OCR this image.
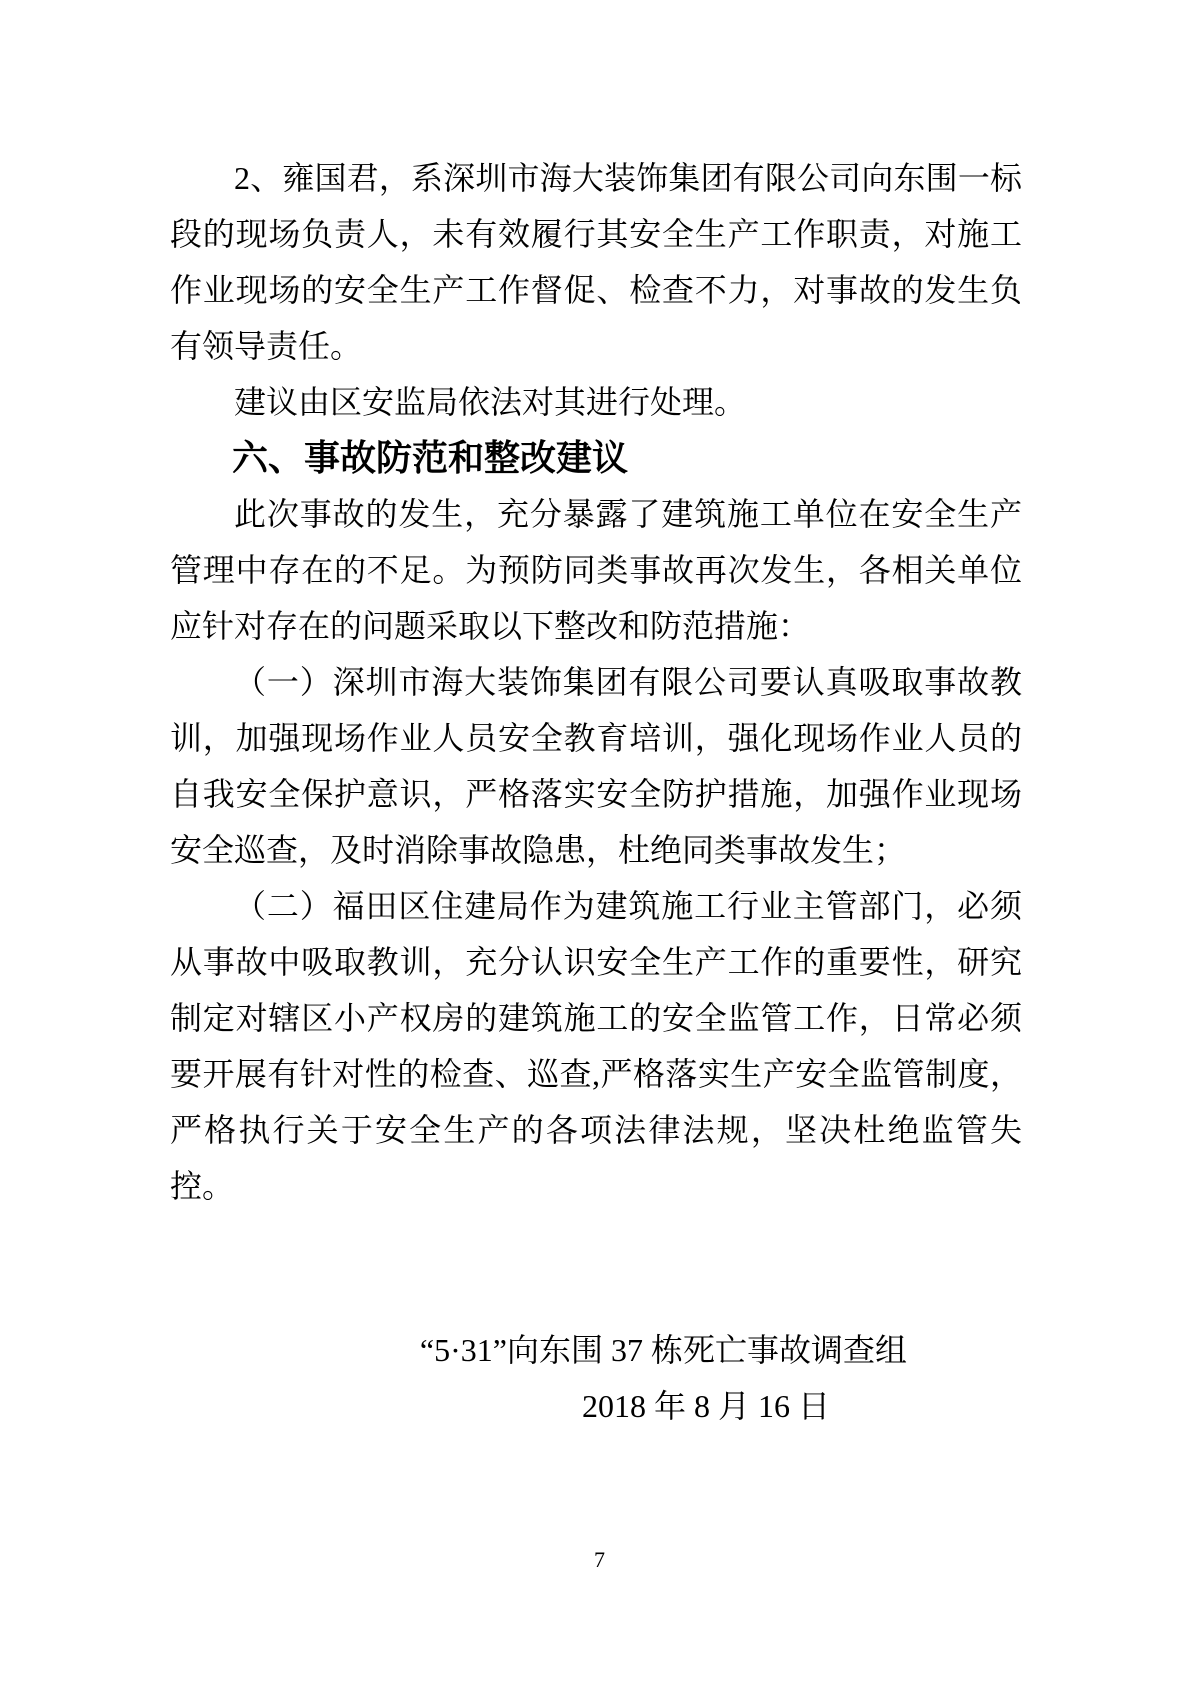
2、雍国君，系深圳市海大装饰集团有限公司向东围一标段的现场负责人，未有效履行其安全生产工作职责，对施工作业现场的安全生产工作督促、检查不力，对事故的发生负有领导责任。

建议由区安监局依法对其进行处理。

六、事故防范和整改建议

此次事故的发生，充分暴露了建筑施工单位在安全生产管理中存在的不足。为预防同类事故再次发生，各相关单位应针对存在的问题采取以下整改和防范措施：

（一）深圳市海大装饰集团有限公司要认真吸取事故教训，加强现场作业人员安全教育培训，强化现场作业人员的自我安全保护意识，严格落实安全防护措施，加强作业现场安全巡查，及时消除事故隐患，杜绝同类事故发生；

（二）福田区住建局作为建筑施工行业主管部门，必须从事故中吸取教训，充分认识安全生产工作的重要性，研究制定对辖区小产权房的建筑施工的安全监管工作，日常必须要开展有针对性的检查、巡查,严格落实生产安全监管制度，严格执行关于安全生产的各项法律法规，坚决杜绝监管失控。

“5·31”向东围 37 栋死亡事故调查组
2018 年 8 月 16 日
7
